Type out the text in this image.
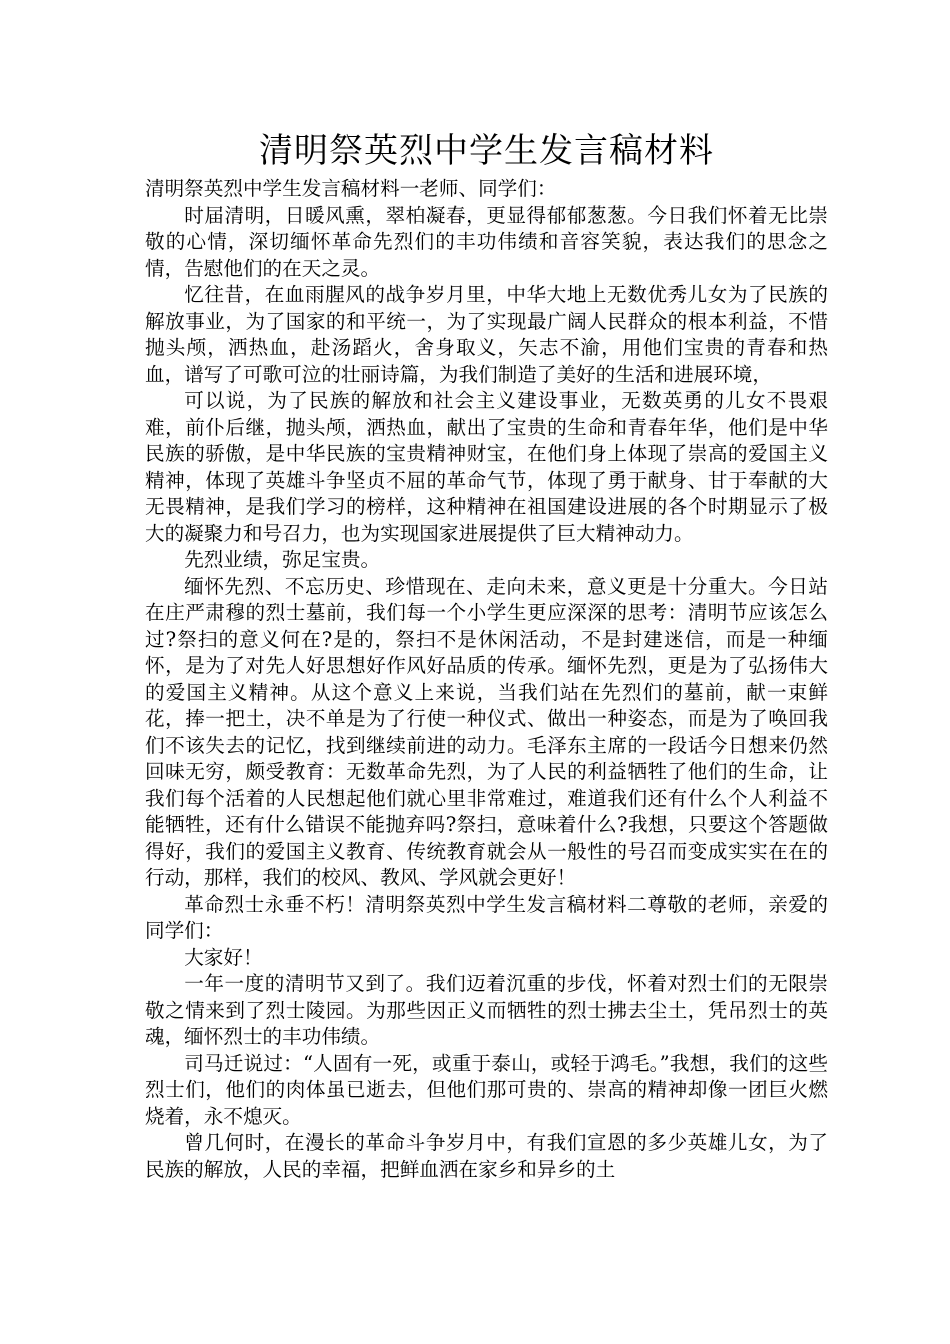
清明祭英烈中学生发言稿材料

清明祭英烈中学生发言稿材料一老师、同学们：

时届清明，日暖风熏，翠柏凝春，更显得郁郁葱葱。今日我们怀着无比崇敬的心情，深切缅怀革命先烈们的丰功伟绩和音容笑貌，表达我们的思念之情，告慰他们的在天之灵。

忆往昔，在血雨腥风的战争岁月里，中华大地上无数优秀儿女为了民族的解放事业，为了国家的和平统一，为了实现最广阔人民群众的根本利益，不惜抛头颅，洒热血，赴汤蹈火，舍身取义，矢志不渝，用他们宝贵的青春和热血，谱写了可歌可泣的壮丽诗篇，为我们制造了美好的生活和进展环境，

可以说，为了民族的解放和社会主义建设事业，无数英勇的儿女不畏艰难，前仆后继，抛头颅，洒热血，献出了宝贵的生命和青春年华，他们是中华民族的骄傲，是中华民族的宝贵精神财宝，在他们身上体现了崇高的爱国主义精神，体现了英雄斗争坚贞不屈的革命气节，体现了勇于献身、甘于奉献的大无畏精神，是我们学习的榜样，这种精神在祖国建设进展的各个时期显示了极大的凝聚力和号召力，也为实现国家进展提供了巨大精神动力。

先烈业绩，弥足宝贵。

缅怀先烈、不忘历史、珍惜现在、走向未来，意义更是十分重大。今日站在庄严肃穆的烈士墓前，我们每一个小学生更应深深的思考：清明节应该怎么过?祭扫的意义何在?是的，祭扫不是休闲活动，不是封建迷信，而是一种缅怀，是为了对先人好思想好作风好品质的传承。缅怀先烈，更是为了弘扬伟大的爱国主义精神。从这个意义上来说，当我们站在先烈们的墓前，献一束鲜花，捧一把土，决不单是为了行使一种仪式、做出一种姿态，而是为了唤回我们不该失去的记忆，找到继续前进的动力。毛泽东主席的一段话今日想来仍然回味无穷，颇受教育：无数革命先烈，为了人民的利益牺牲了他们的生命，让我们每个活着的人民想起他们就心里非常难过，难道我们还有什么个人利益不能牺牲，还有什么错误不能抛弃吗?祭扫，意味着什么?我想，只要这个答题做得好，我们的爱国主义教育、传统教育就会从一般性的号召而变成实实在在的行动，那样，我们的校风、教风、学风就会更好！

革命烈士永垂不朽！清明祭英烈中学生发言稿材料二尊敬的老师，亲爱的同学们：

大家好！

一年一度的清明节又到了。我们迈着沉重的步伐，怀着对烈士们的无限崇敬之情来到了烈士陵园。为那些因正义而牺牲的烈士拂去尘土，凭吊烈士的英魂，缅怀烈士的丰功伟绩。

司马迁说过：“人固有一死，或重于泰山，或轻于鸿毛。”我想，我们的这些烈士们，他们的肉体虽已逝去，但他们那可贵的、崇高的精神却像一团巨火燃烧着，永不熄灭。

曾几何时，在漫长的革命斗争岁月中，有我们宣恩的多少英雄儿女，为了民族的解放，人民的幸福，把鲜血洒在家乡和异乡的土
